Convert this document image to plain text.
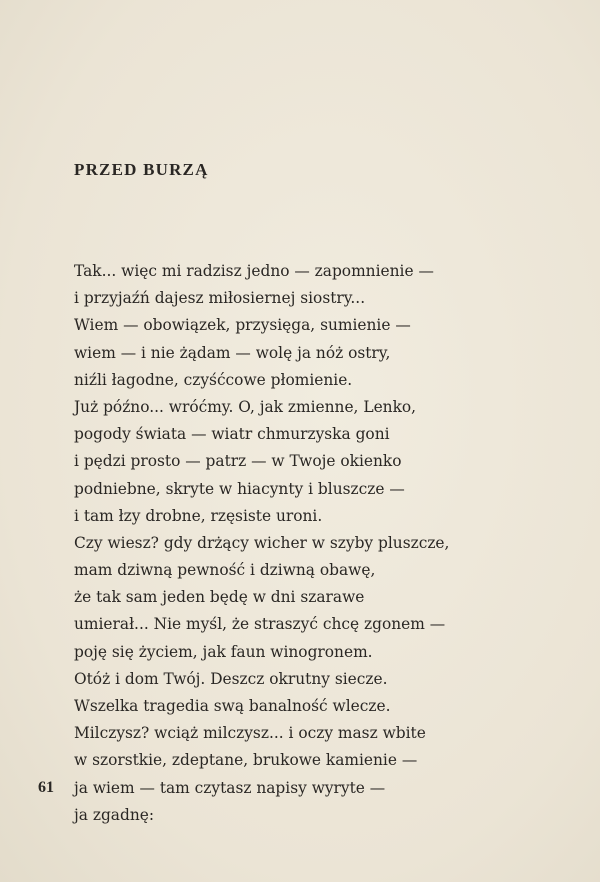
PRZED BURZĄ
Tak... więc mi radzisz jedno — zapomnienie —
i przyjaźń dajesz miłosiernej siostry...
Wiem — obowiązek, przysięga, sumienie —
wiem — i nie żądam — wolę ja nóż ostry,
niźli łagodne, czyśćcowe płomienie.
Już późno... wróćmy. O, jak zmienne, Lenko,
pogody świata — wiatr chmurzyska goni
i pędzi prosto — patrz — w Twoje okienko
podniebne, skryte w hiacynty i bluszcze —
i tam łzy drobne, rzęsiste uroni.
Czy wiesz? gdy drżący wicher w szyby pluszcze,
mam dziwną pewność i dziwną obawę,
że tak sam jeden będę w dni szarawe
umierał... Nie myśl, że straszyć chcę zgonem —
poję się życiem, jak faun winogronem.
Otóż i dom Twój. Deszcz okrutny siecze.
Wszelka tragedia swą banalność wlecze.
Milczysz? wciąż milczysz... i oczy masz wbite
w szorstkie, zdeptane, brukowe kamienie —
ja wiem — tam czytasz napisy wyryte —
ja zgadnę:
61
